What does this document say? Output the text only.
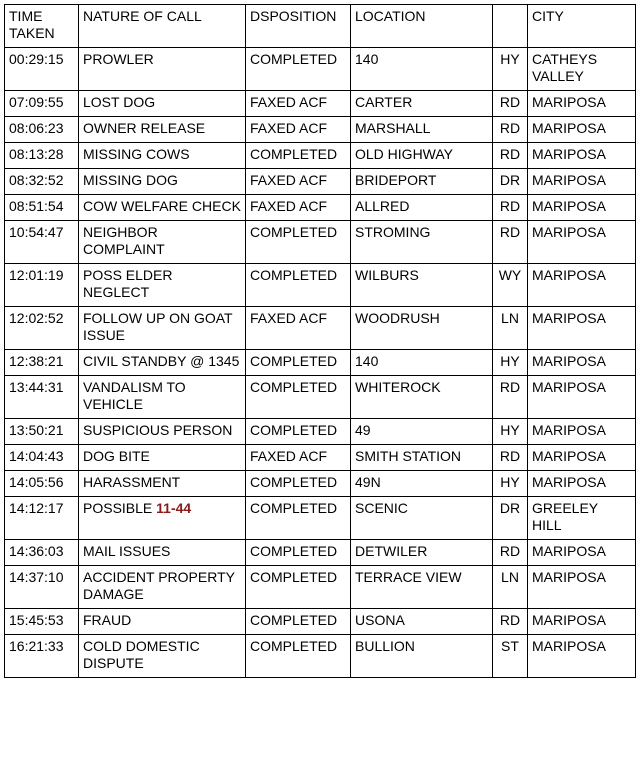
TIME TAKEN	NATURE OF CALL	DSPOSITION	LOCATION		CITY
00:29:15	PROWLER	COMPLETED	140	HY	CATHEYS VALLEY
07:09:55	LOST DOG	FAXED ACF	CARTER	RD	MARIPOSA
08:06:23	OWNER RELEASE	FAXED ACF	MARSHALL	RD	MARIPOSA
08:13:28	MISSING COWS	COMPLETED	OLD HIGHWAY	RD	MARIPOSA
08:32:52	MISSING DOG	FAXED ACF	BRIDEPORT	DR	MARIPOSA
08:51:54	COW WELFARE CHECK	FAXED ACF	ALLRED	RD	MARIPOSA
10:54:47	NEIGHBOR COMPLAINT	COMPLETED	STROMING	RD	MARIPOSA
12:01:19	POSS ELDER NEGLECT	COMPLETED	WILBURS	WY	MARIPOSA
12:02:52	FOLLOW UP ON GOAT ISSUE	FAXED ACF	WOODRUSH	LN	MARIPOSA
12:38:21	CIVIL STANDBY @ 1345	COMPLETED	140	HY	MARIPOSA
13:44:31	VANDALISM TO VEHICLE	COMPLETED	WHITEROCK	RD	MARIPOSA
13:50:21	SUSPICIOUS PERSON	COMPLETED	49	HY	MARIPOSA
14:04:43	DOG BITE	FAXED ACF	SMITH STATION	RD	MARIPOSA
14:05:56	HARASSMENT	COMPLETED	49N	HY	MARIPOSA
14:12:17	POSSIBLE 11-44	COMPLETED	SCENIC	DR	GREELEY HILL
14:36:03	MAIL ISSUES	COMPLETED	DETWILER	RD	MARIPOSA
14:37:10	ACCIDENT PROPERTY DAMAGE	COMPLETED	TERRACE VIEW	LN	MARIPOSA
15:45:53	FRAUD	COMPLETED	USONA	RD	MARIPOSA
16:21:33	COLD DOMESTIC DISPUTE	COMPLETED	BULLION	ST	MARIPOSA
